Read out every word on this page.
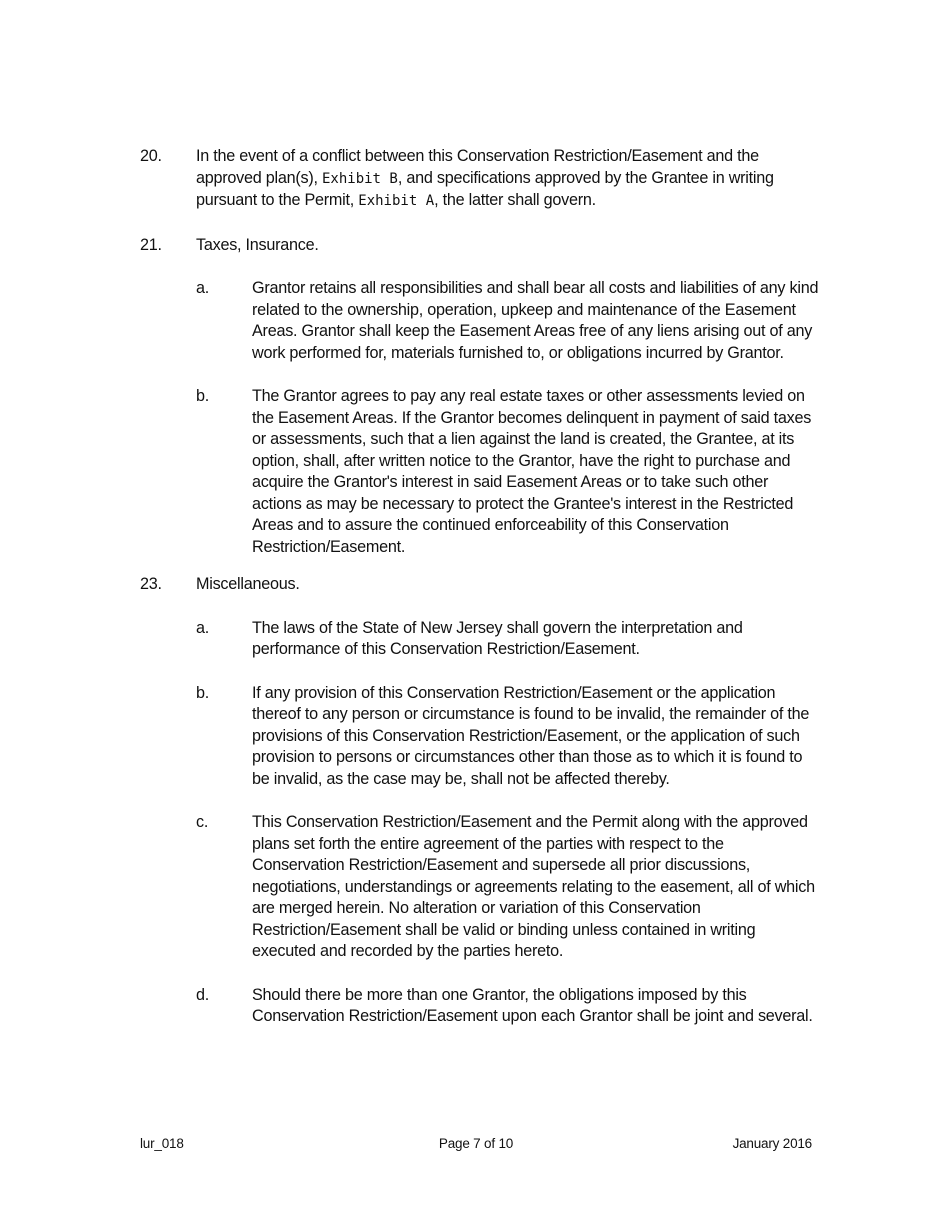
20.	In the event of a conflict between this Conservation Restriction/Easement and the approved plan(s), Exhibit B, and specifications approved by the Grantee in writing pursuant to the Permit, Exhibit A, the latter shall govern.
21.	Taxes, Insurance.
a.	Grantor retains all responsibilities and shall bear all costs and liabilities of any kind related to the ownership, operation, upkeep and maintenance of the Easement Areas. Grantor shall keep the Easement Areas free of any liens arising out of any work performed for, materials furnished to, or obligations incurred by Grantor.
b.	The Grantor agrees to pay any real estate taxes or other assessments levied on the Easement Areas. If the Grantor becomes delinquent in payment of said taxes or assessments, such that a lien against the land is created, the Grantee, at its option, shall, after written notice to the Grantor, have the right to purchase and acquire the Grantor's interest in said Easement Areas or to take such other actions as may be necessary to protect the Grantee's interest in the Restricted Areas and to assure the continued enforceability of this Conservation Restriction/Easement.
23.	Miscellaneous.
a.	The laws of the State of New Jersey shall govern the interpretation and performance of this Conservation Restriction/Easement.
b.	If any provision of this Conservation Restriction/Easement or the application thereof to any person or circumstance is found to be invalid, the remainder of the provisions of this Conservation Restriction/Easement, or the application of such provision to persons or circumstances other than those as to which it is found to be invalid, as the case may be, shall not be affected thereby.
c.	This Conservation Restriction/Easement and the Permit along with the approved plans set forth the entire agreement of the parties with respect to the Conservation Restriction/Easement and supersede all prior discussions, negotiations, understandings or agreements relating to the easement, all of which are merged herein. No alteration or variation of this Conservation Restriction/Easement shall be valid or binding unless contained in writing executed and recorded by the parties hereto.
d.	Should there be more than one Grantor, the obligations imposed by this Conservation Restriction/Easement upon each Grantor shall be joint and several.
lur_018	Page 7 of 10	January 2016
